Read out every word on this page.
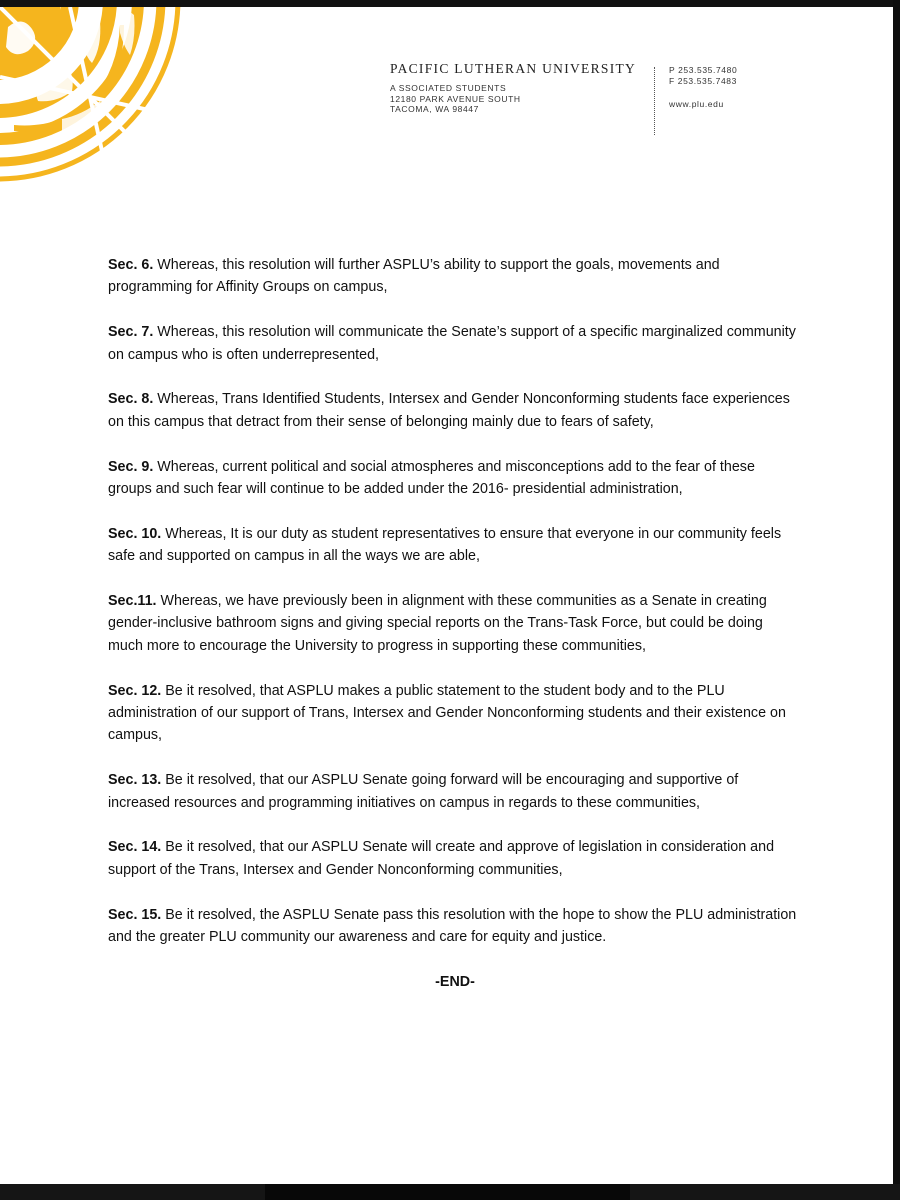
PACIFIC LUTHERAN UNIVERSITY
A SSOCIATED STUDENTS
12180 PARK AVENUE SOUTH
TACOMA, WA 98447
P 253.535.7480
F 253.535.7483
www.plu.edu

Sec. 6. Whereas, this resolution will further ASPLU’s ability to support the goals, movements and programming for Affinity Groups on campus,

Sec. 7. Whereas, this resolution will communicate the Senate’s support of a specific marginalized community on campus who is often underrepresented,

Sec. 8. Whereas, Trans Identified Students, Intersex and Gender Nonconforming students face experiences on this campus that detract from their sense of belonging mainly due to fears of safety,

Sec. 9. Whereas, current political and social atmospheres and misconceptions add to the fear of these groups and such fear will continue to be added under the 2016- presidential administration,

Sec. 10. Whereas, It is our duty as student representatives to ensure that everyone in our community feels safe and supported on campus in all the ways we are able,

Sec.11. Whereas, we have previously been in alignment with these communities as a Senate in creating gender-inclusive bathroom signs and giving special reports on the Trans-Task Force, but could be doing much more to encourage the University to progress in supporting these communities,

Sec. 12. Be it resolved, that ASPLU makes a public statement to the student body and to the PLU administration of our support of Trans, Intersex and Gender Nonconforming students and their existence on campus,

Sec. 13. Be it resolved, that our ASPLU Senate going forward will be encouraging and supportive of increased resources and programming initiatives on campus in regards to these communities,

Sec. 14. Be it resolved, that our ASPLU Senate will create and approve of legislation in consideration and support of the Trans, Intersex and Gender Nonconforming communities,

Sec. 15. Be it resolved, the ASPLU Senate pass this resolution with the hope to show the PLU administration and the greater PLU community our awareness and care for equity and justice.

-END-
